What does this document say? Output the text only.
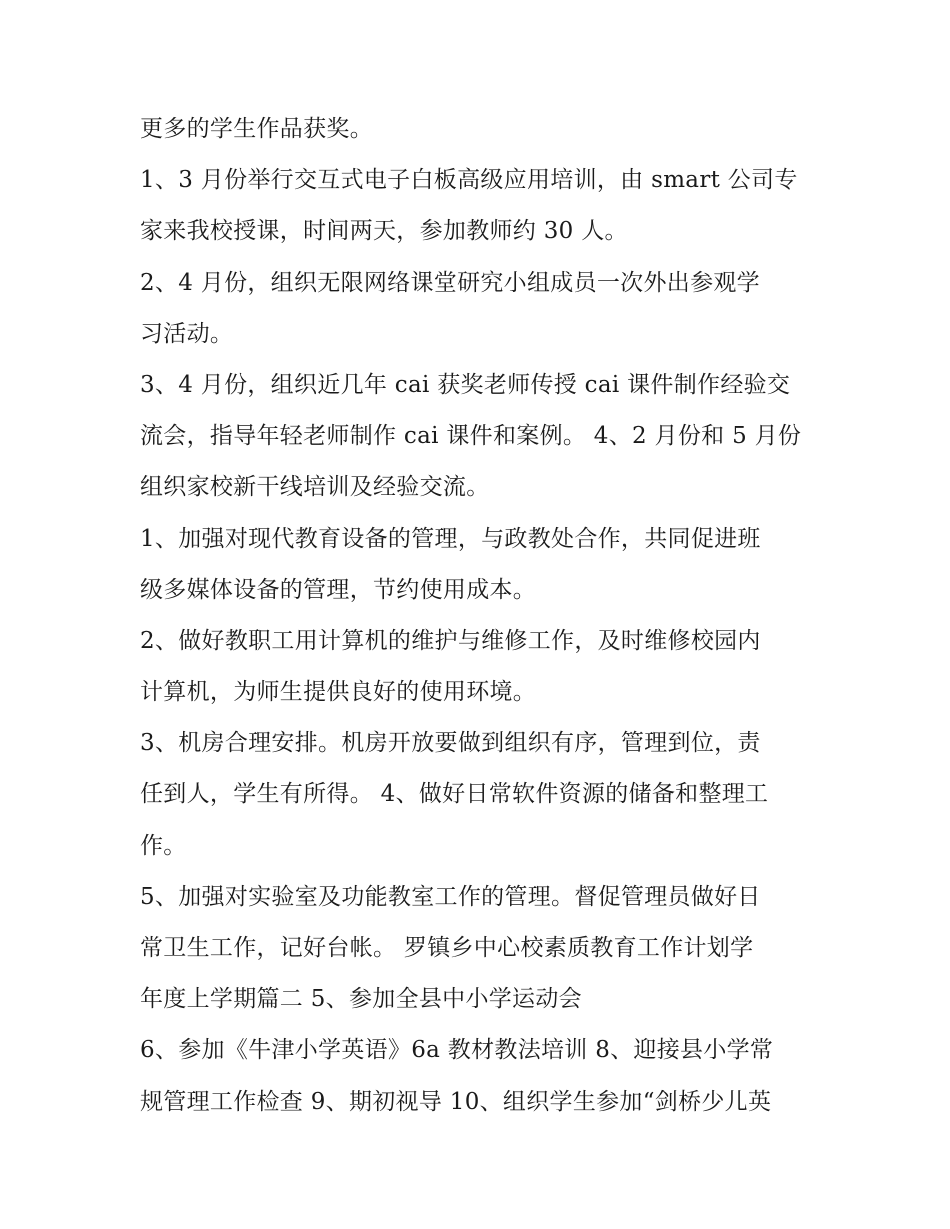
更多的学生作品获奖。
1、3 月份举行交互式电子白板高级应用培训，由 smart 公司专
家来我校授课，时间两天，参加教师约 30 人。
2、4 月份，组织无限网络课堂研究小组成员一次外出参观学
习活动。
3、4 月份，组织近几年 cai 获奖老师传授 cai 课件制作经验交
流会，指导年轻老师制作 cai 课件和案例。 4、2 月份和 5 月份
组织家校新干线培训及经验交流。
1、加强对现代教育设备的管理，与政教处合作，共同促进班
级多媒体设备的管理，节约使用成本。
2、做好教职工用计算机的维护与维修工作，及时维修校园内
计算机，为师生提供良好的使用环境。
3、机房合理安排。机房开放要做到组织有序，管理到位，责
任到人，学生有所得。 4、做好日常软件资源的储备和整理工
作。
5、加强对实验室及功能教室工作的管理。督促管理员做好日
常卫生工作，记好台帐。 罗镇乡中心校素质教育工作计划学
年度上学期篇二 5、参加全县中小学运动会
6、参加《牛津小学英语》6a 教材教法培训 8、迎接县小学常
规管理工作检查 9、期初视导 10、组织学生参加“剑桥少儿英
